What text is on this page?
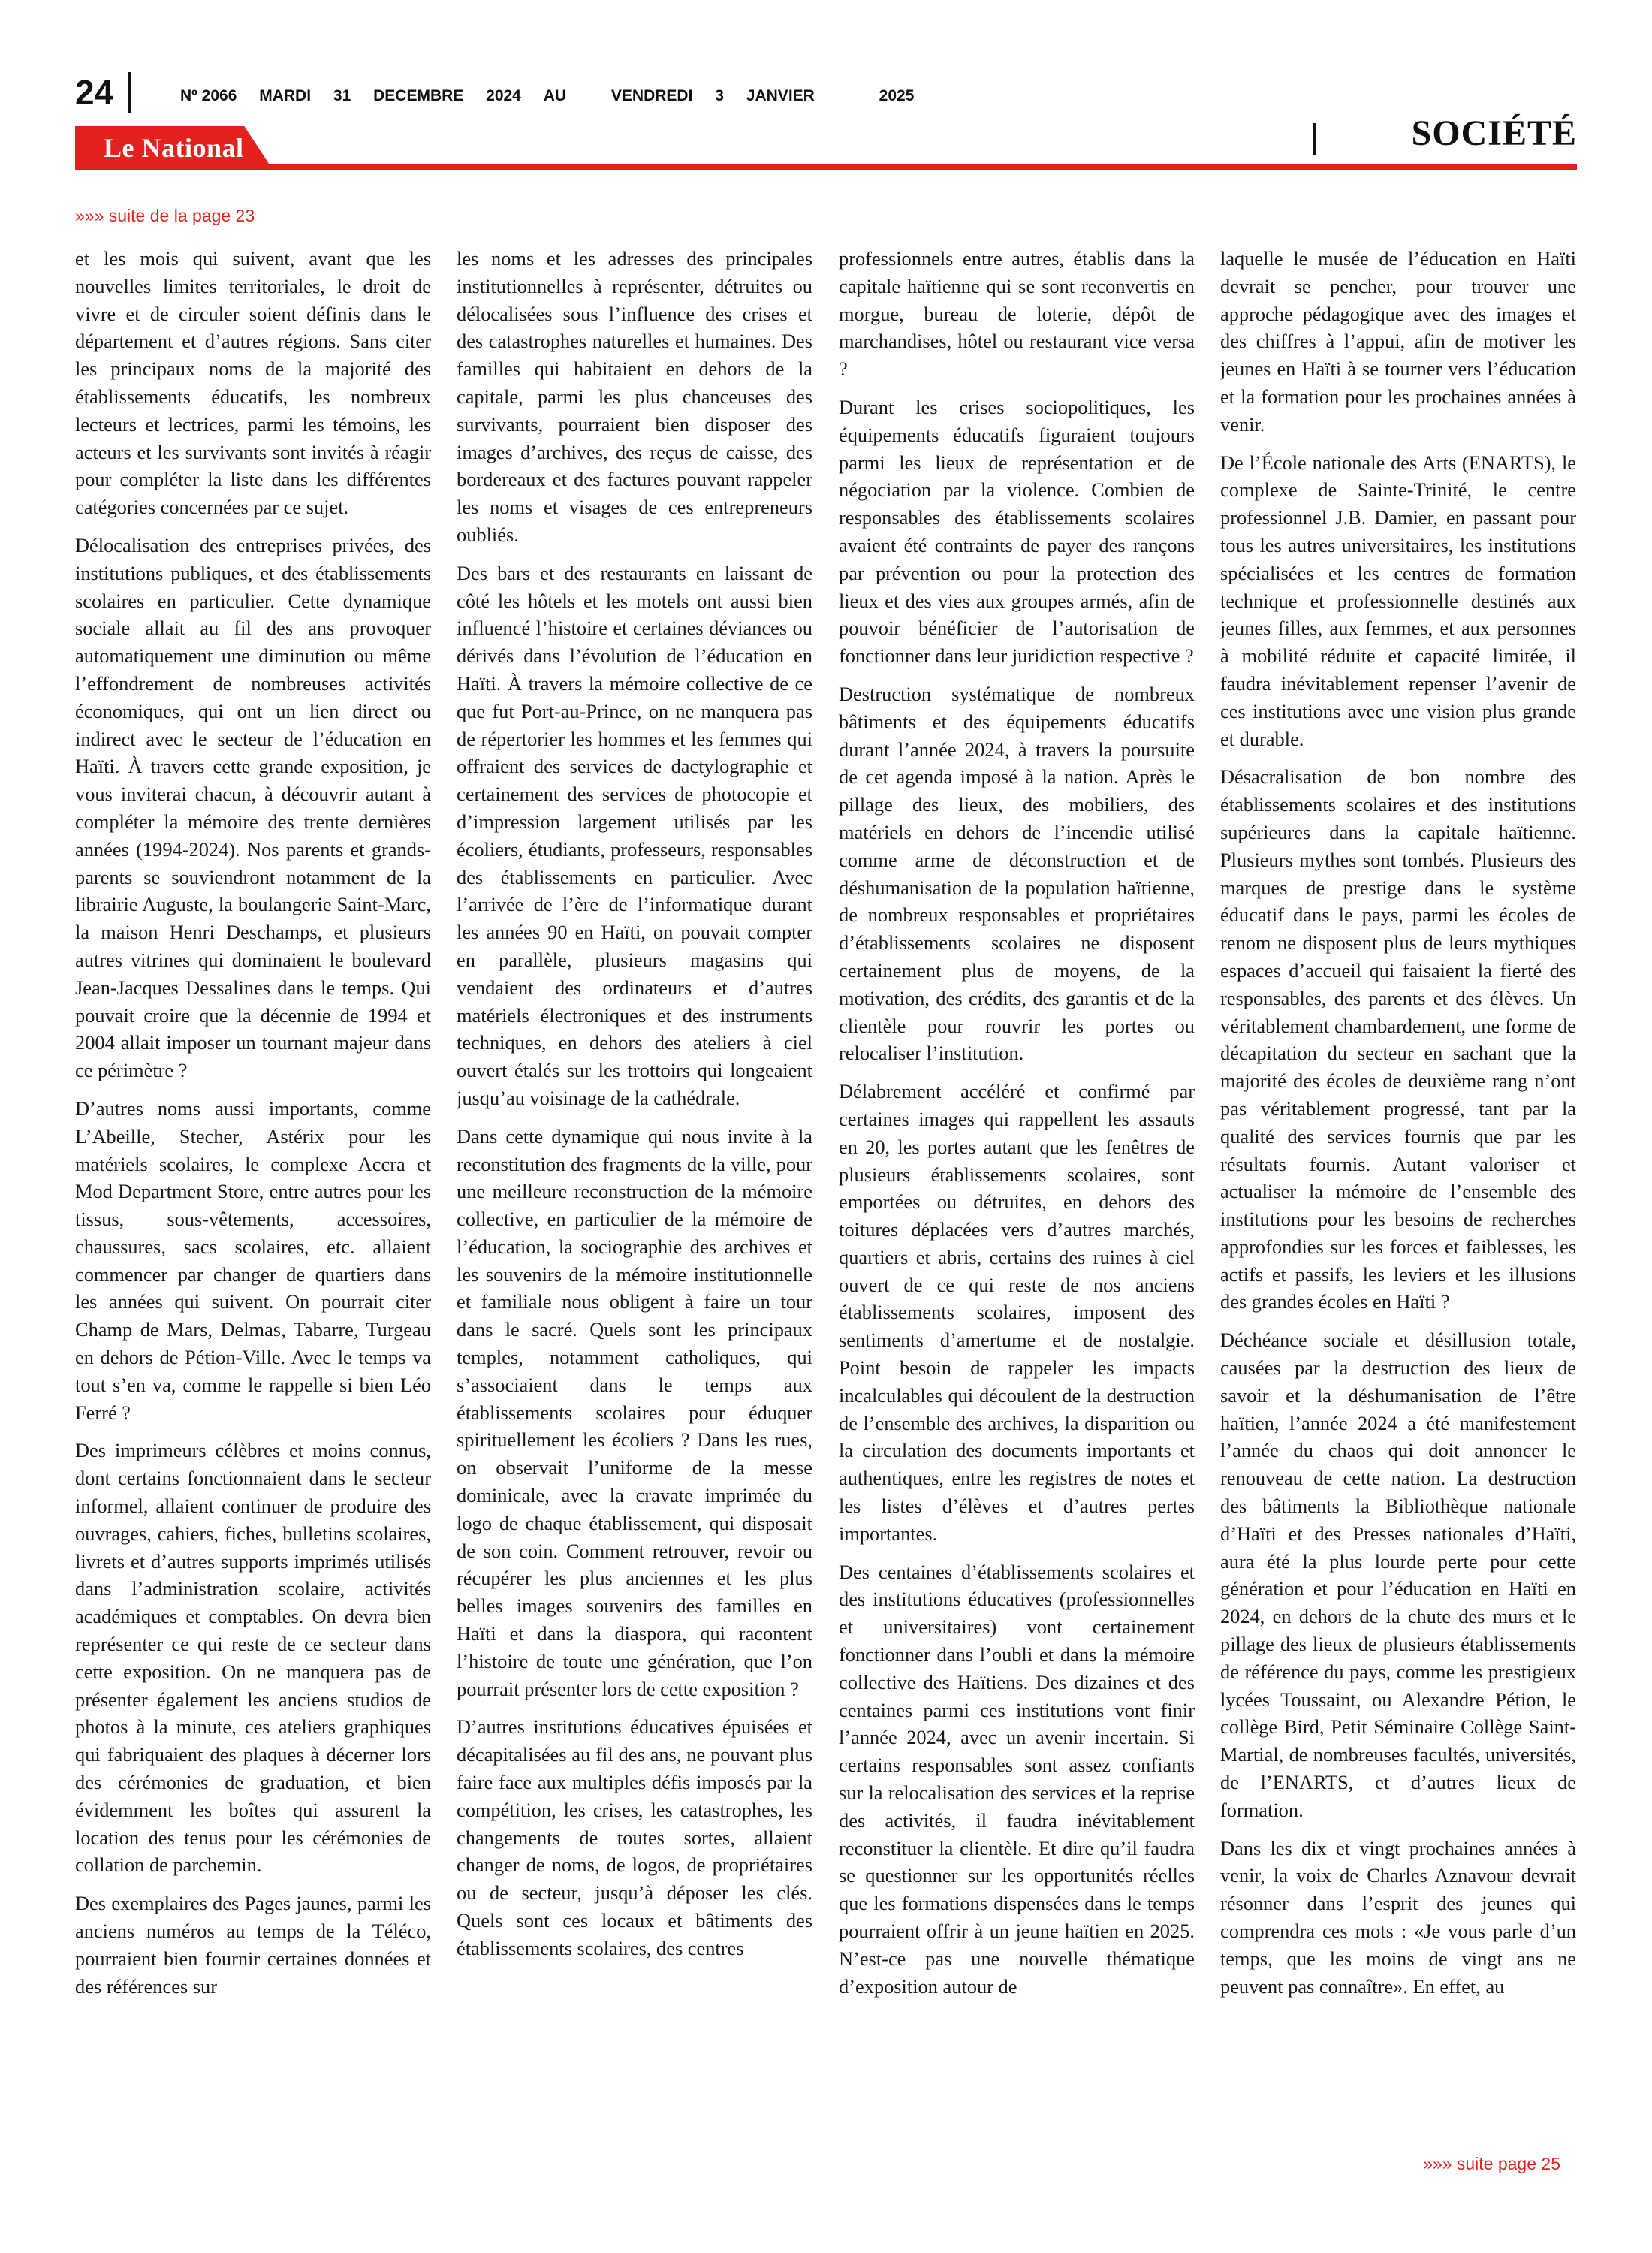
24	Nº 2066 MARDI 31 DECEMBRE 2024 AU	VENDREDI 3 JANVIER	2025
Le National	SOCIÉTÉ
»»» suite de la page 23

et les mois qui suivent, avant que les nouvelles limites territoriales, le droit de vivre et de circuler soient définis dans le département et d’autres régions. Sans citer les principaux noms de la majorité des établissements éducatifs, les nombreux lecteurs et lectrices, parmi les témoins, les acteurs et les survivants sont invités à réagir pour compléter la liste dans les différentes catégories concernées par ce sujet.

Délocalisation des entreprises privées, des institutions publiques, et des établissements scolaires en particulier. Cette dynamique sociale allait au fil des ans provoquer automatiquement une diminution ou même l’effondrement de nombreuses activités économiques, qui ont un lien direct ou indirect avec le secteur de l’éducation en Haïti. À travers cette grande exposition, je vous inviterai chacun, à découvrir autant à compléter la mémoire des trente dernières années (1994-2024). Nos parents et grands-parents se souviendront notamment de la librairie Auguste, la boulangerie Saint-Marc, la maison Henri Deschamps, et plusieurs autres vitrines qui dominaient le boulevard Jean-Jacques Dessalines dans le temps. Qui pouvait croire que la décennie de 1994 et 2004 allait imposer un tournant majeur dans ce périmètre ?

D’autres noms aussi importants, comme L’Abeille, Stecher, Astérix pour les matériels scolaires, le complexe Accra et Mod Department Store, entre autres pour les tissus, sous-vêtements, accessoires, chaussures, sacs scolaires, etc. allaient commencer par changer de quartiers dans les années qui suivent. On pourrait citer Champ de Mars, Delmas, Tabarre, Turgeau en dehors de Pétion-Ville. Avec le temps va tout s’en va, comme le rappelle si bien Léo Ferré ?

Des imprimeurs célèbres et moins connus, dont certains fonctionnaient dans le secteur informel, allaient continuer de produire des ouvrages, cahiers, fiches, bulletins scolaires, livrets et d’autres supports imprimés utilisés dans l’administration scolaire, activités académiques et comptables. On devra bien représenter ce qui reste de ce secteur dans cette exposition. On ne manquera pas de présenter également les anciens studios de photos à la minute, ces ateliers graphiques qui fabriquaient des plaques à décerner lors des cérémonies de graduation, et bien évidemment les boîtes qui assurent la location des tenus pour les cérémonies de collation de parchemin.

Des exemplaires des Pages jaunes, parmi les anciens numéros au temps de la Téléco, pourraient bien fournir certaines données et des références sur

les noms et les adresses des principales institutionnelles à représenter, détruites ou délocalisées sous l’influence des crises et des catastrophes naturelles et humaines. Des familles qui habitaient en dehors de la capitale, parmi les plus chanceuses des survivants, pourraient bien disposer des images d’archives, des reçus de caisse, des bordereaux et des factures pouvant rappeler les noms et visages de ces entrepreneurs oubliés.

Des bars et des restaurants en laissant de côté les hôtels et les motels ont aussi bien influencé l’histoire et certaines déviances ou dérivés dans l’évolution de l’éducation en Haïti. À travers la mémoire collective de ce que fut Port-au-Prince, on ne manquera pas de répertorier les hommes et les femmes qui offraient des services de dactylographie et certainement des services de photocopie et d’impression largement utilisés par les écoliers, étudiants, professeurs, responsables des établissements en particulier. Avec l’arrivée de l’ère de l’informatique durant les années 90 en Haïti, on pouvait compter en parallèle, plusieurs magasins qui vendaient des ordinateurs et d’autres matériels électroniques et des instruments techniques, en dehors des ateliers à ciel ouvert étalés sur les trottoirs qui longeaient jusqu’au voisinage de la cathédrale.

Dans cette dynamique qui nous invite à la reconstitution des fragments de la ville, pour une meilleure reconstruction de la mémoire collective, en particulier de la mémoire de l’éducation, la sociographie des archives et les souvenirs de la mémoire institutionnelle et familiale nous obligent à faire un tour dans le sacré. Quels sont les principaux temples, notamment catholiques, qui s’associaient dans le temps aux établissements scolaires pour éduquer spirituellement les écoliers ? Dans les rues, on observait l’uniforme de la messe dominicale, avec la cravate imprimée du logo de chaque établissement, qui disposait de son coin. Comment retrouver, revoir ou récupérer les plus anciennes et les plus belles images souvenirs des familles en Haïti et dans la diaspora, qui racontent l’histoire de toute une génération, que l’on pourrait présenter lors de cette exposition ?

D’autres institutions éducatives épuisées et décapitalisées au fil des ans, ne pouvant plus faire face aux multiples défis imposés par la compétition, les crises, les catastrophes, les changements de toutes sortes, allaient changer de noms, de logos, de propriétaires ou de secteur, jusqu’à déposer les clés. Quels sont ces locaux et bâtiments des établissements scolaires, des centres

professionnels entre autres, établis dans la capitale haïtienne qui se sont reconvertis en morgue, bureau de loterie, dépôt de marchandises, hôtel ou restaurant vice versa ?

Durant les crises sociopolitiques, les équipements éducatifs figuraient toujours parmi les lieux de représentation et de négociation par la violence. Combien de responsables des établissements scolaires avaient été contraints de payer des rançons par prévention ou pour la protection des lieux et des vies aux groupes armés, afin de pouvoir bénéficier de l’autorisation de fonctionner dans leur juridiction respective ?

Destruction systématique de nombreux bâtiments et des équipements éducatifs durant l’année 2024, à travers la poursuite de cet agenda imposé à la nation. Après le pillage des lieux, des mobiliers, des matériels en dehors de l’incendie utilisé comme arme de déconstruction et de déshumanisation de la population haïtienne, de nombreux responsables et propriétaires d’établissements scolaires ne disposent certainement plus de moyens, de la motivation, des crédits, des garantis et de la clientèle pour rouvrir les portes ou relocaliser l’institution.

Délabrement accéléré et confirmé par certaines images qui rappellent les assauts en 20, les portes autant que les fenêtres de plusieurs établissements scolaires, sont emportées ou détruites, en dehors des toitures déplacées vers d’autres marchés, quartiers et abris, certains des ruines à ciel ouvert de ce qui reste de nos anciens établissements scolaires, imposent des sentiments d’amertume et de nostalgie. Point besoin de rappeler les impacts incalculables qui découlent de la destruction de l’ensemble des archives, la disparition ou la circulation des documents importants et authentiques, entre les registres de notes et les listes d’élèves et d’autres pertes importantes.

Des centaines d’établissements scolaires et des institutions éducatives (professionnelles et universitaires) vont certainement fonctionner dans l’oubli et dans la mémoire collective des Haïtiens. Des dizaines et des centaines parmi ces institutions vont finir l’année 2024, avec un avenir incertain. Si certains responsables sont assez confiants sur la relocalisation des services et la reprise des activités, il faudra inévitablement reconstituer la clientèle. Et dire qu’il faudra se questionner sur les opportunités réelles que les formations dispensées dans le temps pourraient offrir à un jeune haïtien en 2025. N’est-ce pas une nouvelle thématique d’exposition autour de

laquelle le musée de l’éducation en Haïti devrait se pencher, pour trouver une approche pédagogique avec des images et des chiffres à l’appui, afin de motiver les jeunes en Haïti à se tourner vers l’éducation et la formation pour les prochaines années à venir.

De l’École nationale des Arts (ENARTS), le complexe de Sainte-Trinité, le centre professionnel J.B. Damier, en passant pour tous les autres universitaires, les institutions spécialisées et les centres de formation technique et professionnelle destinés aux jeunes filles, aux femmes, et aux personnes à mobilité réduite et capacité limitée, il faudra inévitablement repenser l’avenir de ces institutions avec une vision plus grande et durable.

Désacralisation de bon nombre des établissements scolaires et des institutions supérieures dans la capitale haïtienne. Plusieurs mythes sont tombés. Plusieurs des marques de prestige dans le système éducatif dans le pays, parmi les écoles de renom ne disposent plus de leurs mythiques espaces d’accueil qui faisaient la fierté des responsables, des parents et des élèves. Un véritablement chambardement, une forme de décapitation du secteur en sachant que la majorité des écoles de deuxième rang n’ont pas véritablement progressé, tant par la qualité des services fournis que par les résultats fournis. Autant valoriser et actualiser la mémoire de l’ensemble des institutions pour les besoins de recherches approfondies sur les forces et faiblesses, les actifs et passifs, les leviers et les illusions des grandes écoles en Haïti ?

Déchéance sociale et désillusion totale, causées par la destruction des lieux de savoir et la déshumanisation de l’être haïtien, l’année 2024 a été manifestement l’année du chaos qui doit annoncer le renouveau de cette nation. La destruction des bâtiments la Bibliothèque nationale d’Haïti et des Presses nationales d’Haïti, aura été la plus lourde perte pour cette génération et pour l’éducation en Haïti en 2024, en dehors de la chute des murs et le pillage des lieux de plusieurs établissements de référence du pays, comme les prestigieux lycées Toussaint, ou Alexandre Pétion, le collège Bird, Petit Séminaire Collège Saint-Martial, de nombreuses facultés, universités, de l’ENARTS, et d’autres lieux de formation.

Dans les dix et vingt prochaines années à venir, la voix de Charles Aznavour devrait résonner dans l’esprit des jeunes qui comprendra ces mots : «Je vous parle d’un temps, que les moins de vingt ans ne peuvent pas connaître». En effet, au

»»» suite page 25
